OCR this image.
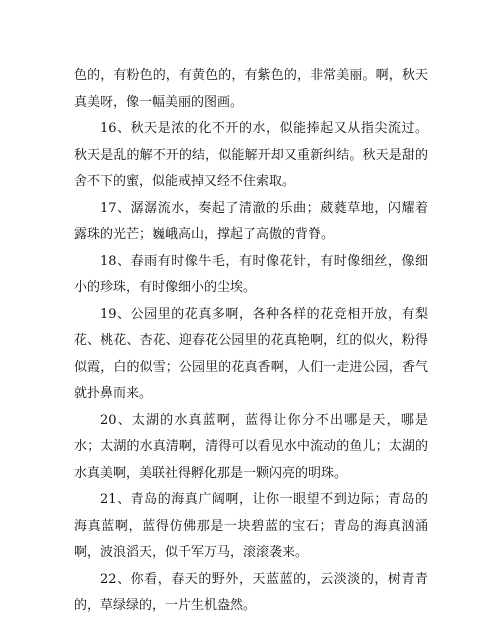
色的，有粉色的，有黄色的，有紫色的，非常美丽。啊，秋天真美呀，像一幅美丽的图画。

16、秋天是浓的化不开的水，似能捧起又从指尖流过。秋天是乱的解不开的结，似能解开却又重新纠结。秋天是甜的舍不下的蜜，似能戒掉又经不住索取。

17、潺潺流水，奏起了清澈的乐曲；葳蕤草地，闪耀着露珠的光芒；巍峨高山，撑起了高傲的背脊。

18、春雨有时像牛毛，有时像花针，有时像细丝，像细小的珍珠，有时像细小的尘埃。

19、公园里的花真多啊，各种各样的花竞相开放，有梨花、桃花、杏花、迎春花公园里的花真艳啊，红的似火，粉得似霞，白的似雪；公园里的花真香啊，人们一走进公园，香气就扑鼻而来。

20、太湖的水真蓝啊，蓝得让你分不出哪是天，哪是水；太湖的水真清啊，清得可以看见水中流动的鱼儿；太湖的水真美啊，美联社得孵化那是一颗闪亮的明珠。

21、青岛的海真广阔啊，让你一眼望不到边际；青岛的海真蓝啊，蓝得仿佛那是一块碧蓝的宝石；青岛的海真汹涌啊，波浪滔天，似千军万马，滚滚袭来。

22、你看，春天的野外，天蓝蓝的，云淡淡的，树青青的，草绿绿的，一片生机盎然。
